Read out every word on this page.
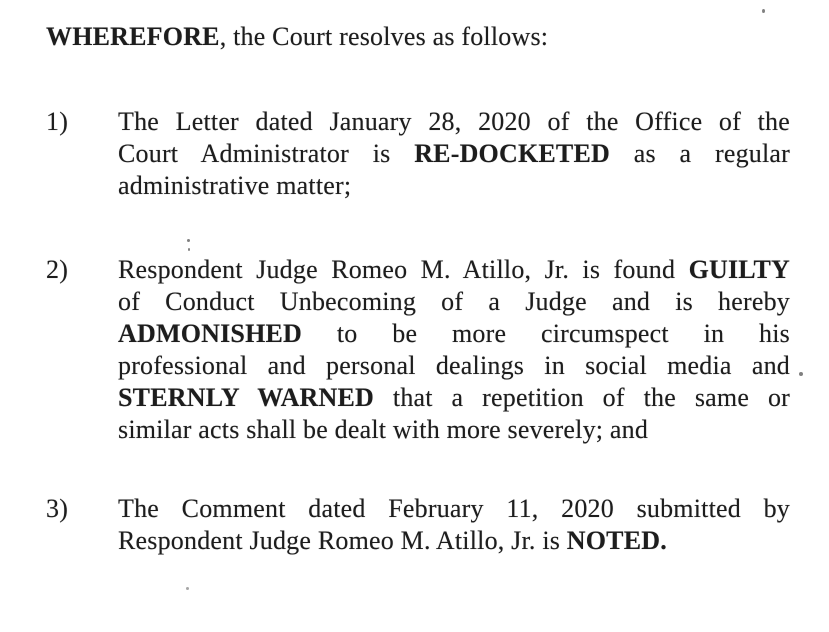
WHEREFORE, the Court resolves as follows:

1)	The Letter dated January 28, 2020 of the Office of the
Court Administrator is RE-DOCKETED as a regular
administrative matter;
2)	Respondent Judge Romeo M. Atillo, Jr. is found GUILTY
of Conduct Unbecoming of a Judge and is hereby
ADMONISHED to be more circumspect in his
professional and personal dealings in social media and
STERNLY WARNED that a repetition of the same or
similar acts shall be dealt with more severely; and
3)	The Comment dated February 11, 2020 submitted by
Respondent Judge Romeo M. Atillo, Jr. is NOTED.
